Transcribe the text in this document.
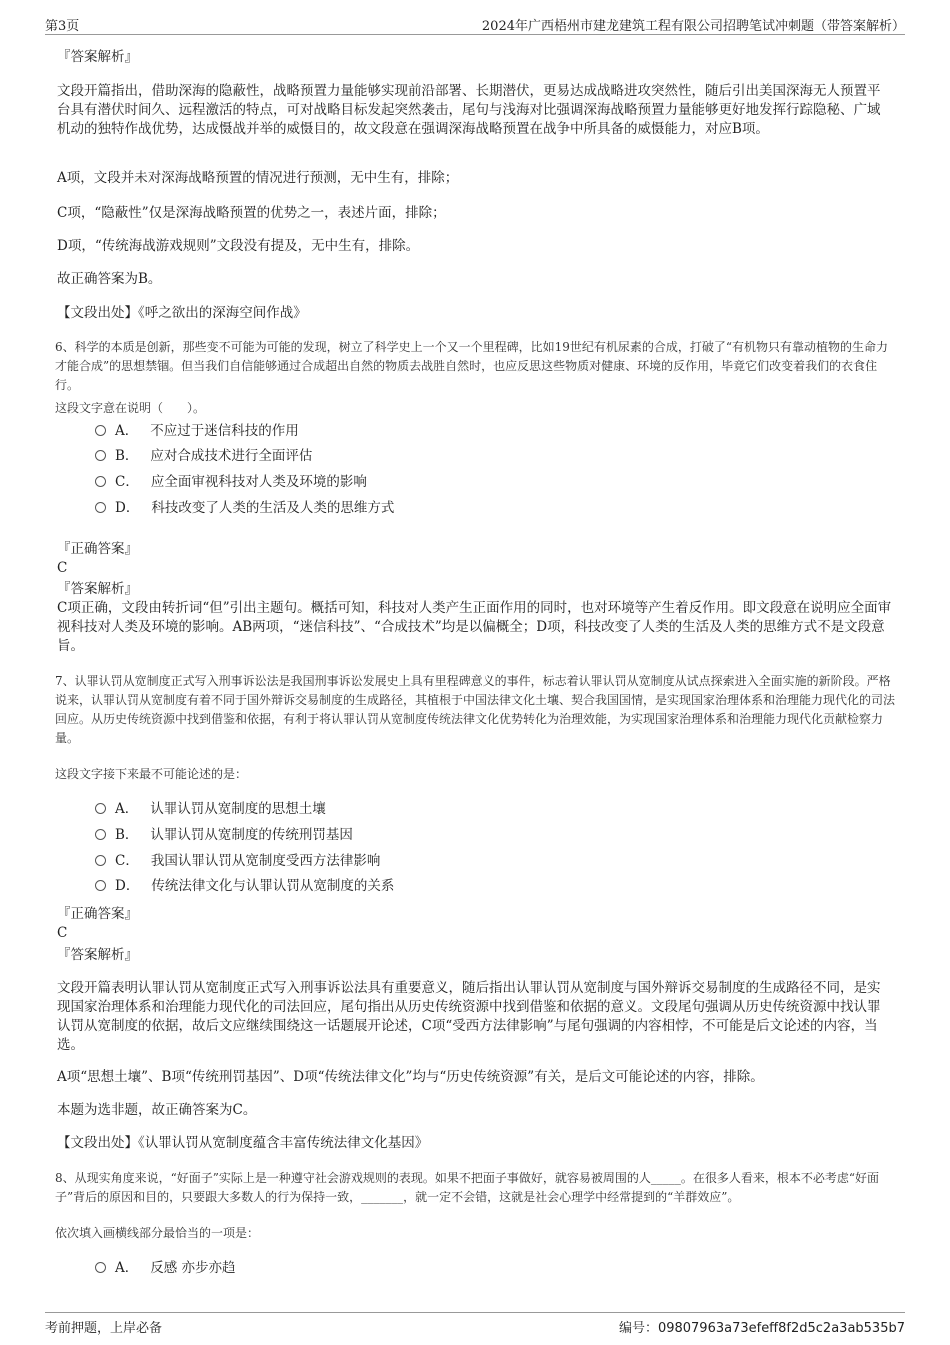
第3页	2024年广西梧州市建龙建筑工程有限公司招聘笔试冲刺题（带答案解析）
『答案解析』
文段开篇指出，借助深海的隐蔽性，战略预置力量能够实现前沿部署、长期潜伏，更易达成战略进攻突然性，随后引出美国深海无人预置平台具有潜伏时间久、远程激活的特点，可对战略目标发起突然袭击，尾句与浅海对比强调深海战略预置力量能够更好地发挥行踪隐秘、广域机动的独特作战优势，达成慑战并举的威慑目的，故文段意在强调深海战略预置在战争中所具备的威慑能力，对应B项。
A项，文段并未对深海战略预置的情况进行预测，无中生有，排除；
C项，“隐蔽性”仅是深海战略预置的优势之一，表述片面，排除；
D项，“传统海战游戏规则”文段没有提及，无中生有，排除。
故正确答案为B。
【文段出处】《呼之欲出的深海空间作战》
6、科学的本质是创新，那些变不可能为可能的发现，树立了科学史上一个又一个里程碑，比如19世纪有机尿素的合成，打破了“有机物只有靠动植物的生命力才能合成”的思想禁锢。但当我们自信能够通过合成超出自然的物质去战胜自然时，也应反思这些物质对健康、环境的反作用，毕竟它们改变着我们的衣食住行。
这段文字意在说明（　　）。
A． 不应过于迷信科技的作用
B． 应对合成技术进行全面评估
C． 应全面审视科技对人类及环境的影响
D． 科技改变了人类的生活及人类的思维方式
『正确答案』
C
『答案解析』
C项正确，文段由转折词“但”引出主题句。概括可知，科技对人类产生正面作用的同时，也对环境等产生着反作用。即文段意在说明应全面审视科技对人类及环境的影响。AB两项，“迷信科技”、“合成技术”均是以偏概全；D项，科技改变了人类的生活及人类的思维方式不是文段意旨。
7、认罪认罚从宽制度正式写入刑事诉讼法是我国刑事诉讼发展史上具有里程碑意义的事件，标志着认罪认罚从宽制度从试点探索进入全面实施的新阶段。严格说来，认罪认罚从宽制度有着不同于国外辩诉交易制度的生成路径，其植根于中国法律文化土壤、契合我国国情，是实现国家治理体系和治理能力现代化的司法回应。从历史传统资源中找到借鉴和依据，有利于将认罪认罚从宽制度传统法律文化优势转化为治理效能，为实现国家治理体系和治理能力现代化贡献检察力量。
这段文字接下来最不可能论述的是：
A． 认罪认罚从宽制度的思想土壤
B． 认罪认罚从宽制度的传统刑罚基因
C． 我国认罪认罚从宽制度受西方法律影响
D． 传统法律文化与认罪认罚从宽制度的关系
『正确答案』
C
『答案解析』
文段开篇表明认罪认罚从宽制度正式写入刑事诉讼法具有重要意义，随后指出认罪认罚从宽制度与国外辩诉交易制度的生成路径不同，是实现国家治理体系和治理能力现代化的司法回应，尾句指出从历史传统资源中找到借鉴和依据的意义。文段尾句强调从历史传统资源中找认罪认罚从宽制度的依据，故后文应继续围绕这一话题展开论述，C项“受西方法律影响”与尾句强调的内容相悖，不可能是后文论述的内容，当选。
A项“思想土壤”、B项“传统刑罚基因”、D项“传统法律文化”均与“历史传统资源”有关，是后文可能论述的内容，排除。
本题为选非题，故正确答案为C。
【文段出处】《认罪认罚从宽制度蕴含丰富传统法律文化基因》
8、从现实角度来说，“好面子”实际上是一种遵守社会游戏规则的表现。如果不把面子事做好，就容易被周围的人_____。在很多人看来，根本不必考虑“好面子”背后的原因和目的，只要跟大多数人的行为保持一致，_______，就一定不会错，这就是社会心理学中经常提到的“羊群效应”。
依次填入画横线部分最恰当的一项是：
A． 反感 亦步亦趋
考前押题，上岸必备	编号：09807963a73efeff8f2d5c2a3ab535b7
